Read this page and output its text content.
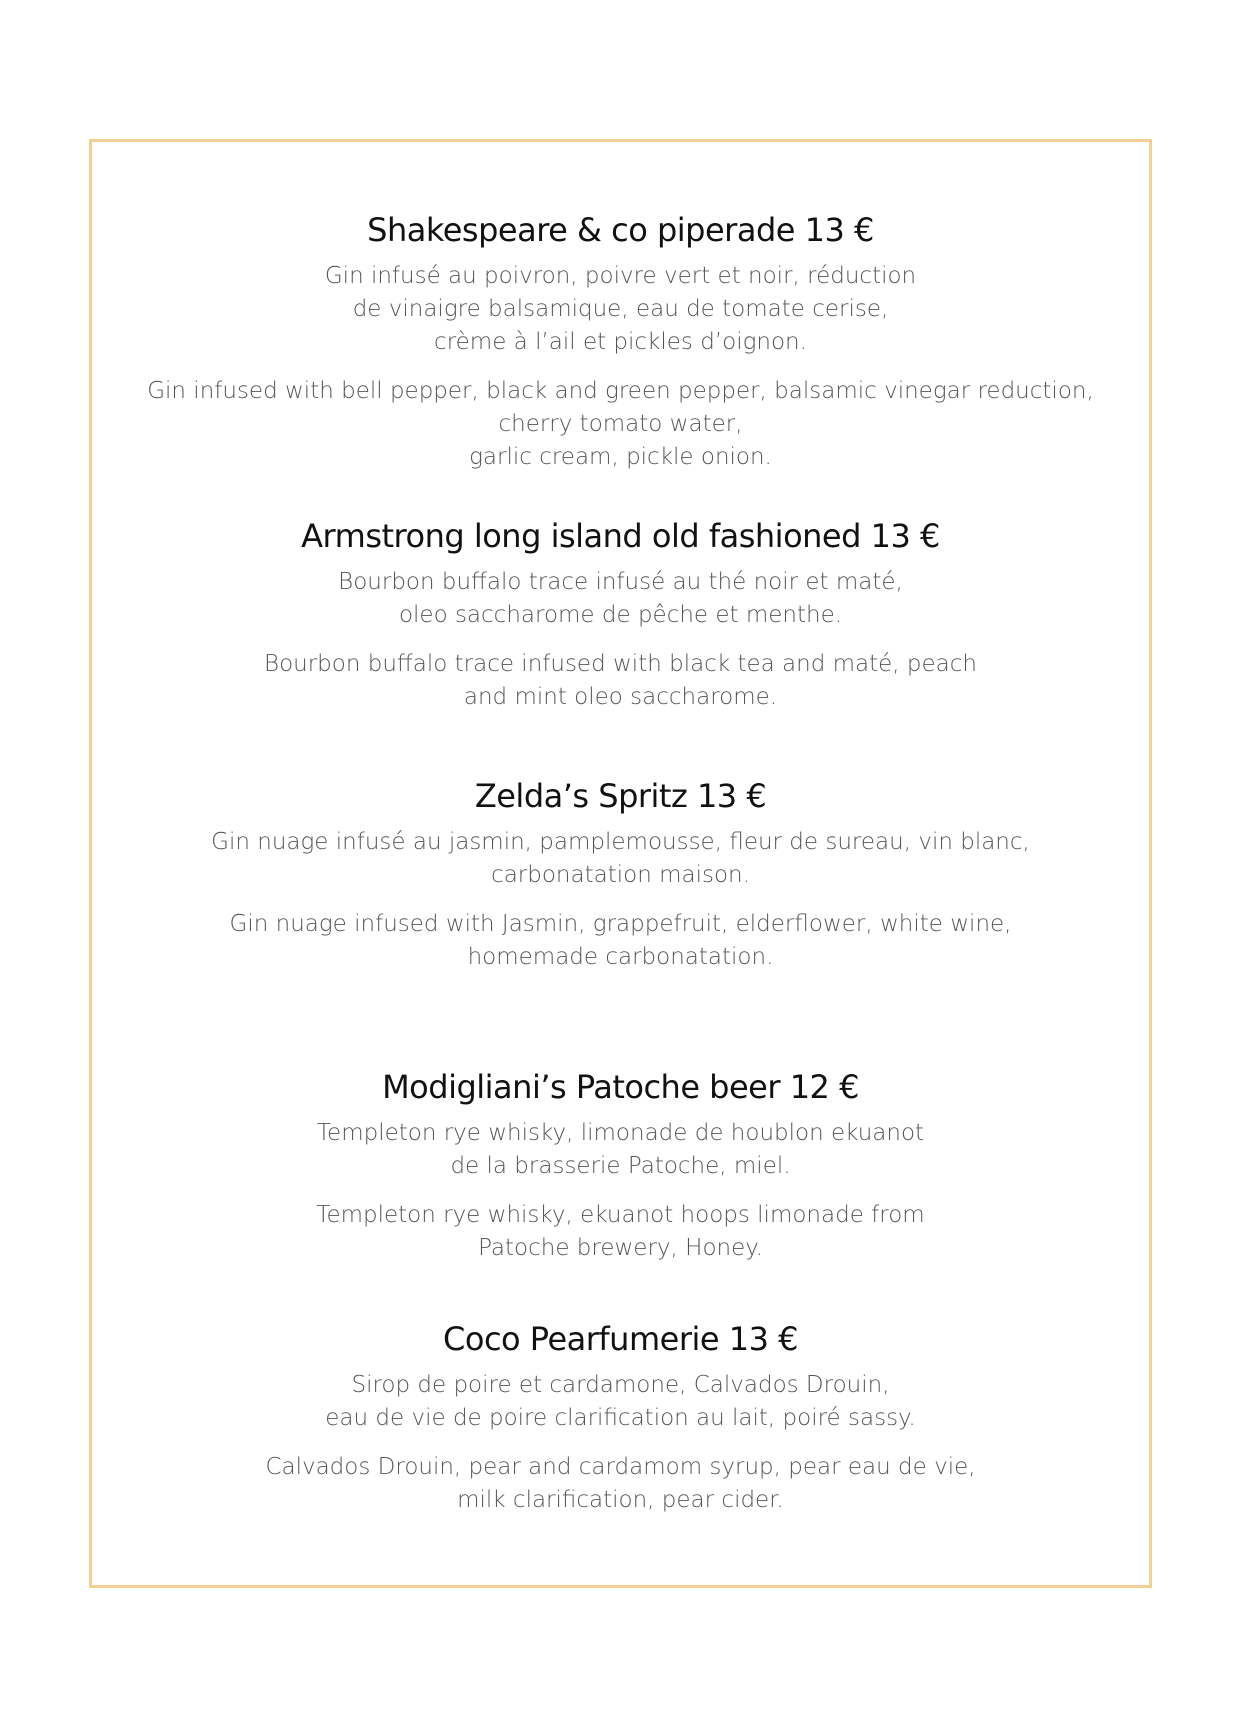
Shakespeare & co piperade 13 €

Gin infusé au poivron, poivre vert et noir, réduction
de vinaigre balsamique, eau de tomate cerise,
crème à l’ail et pickles d’oignon.

Gin infused with bell pepper, black and green pepper, balsamic vinegar reduction,
cherry tomato water,
garlic cream, pickle onion.

Armstrong long island old fashioned 13 €

Bourbon buffalo trace infusé au thé noir et maté,
oleo saccharome de pêche et menthe.

Bourbon buffalo trace infused with black tea and maté, peach
and mint oleo saccharome.

Zelda’s Spritz 13 €

Gin nuage infusé au jasmin, pamplemousse, fleur de sureau, vin blanc,
carbonatation maison.

Gin nuage infused with Jasmin, grappefruit, elderflower, white wine,
homemade carbonatation.

Modigliani’s Patoche beer 12 €

Templeton rye whisky, limonade de houblon ekuanot
de la brasserie Patoche, miel.

Templeton rye whisky, ekuanot hoops limonade from
Patoche brewery, Honey.

Coco Pearfumerie 13 €

Sirop de poire et cardamone, Calvados Drouin,
eau de vie de poire clarification au lait, poiré sassy.

Calvados Drouin, pear and cardamom syrup, pear eau de vie,
milk clarification, pear cider.
